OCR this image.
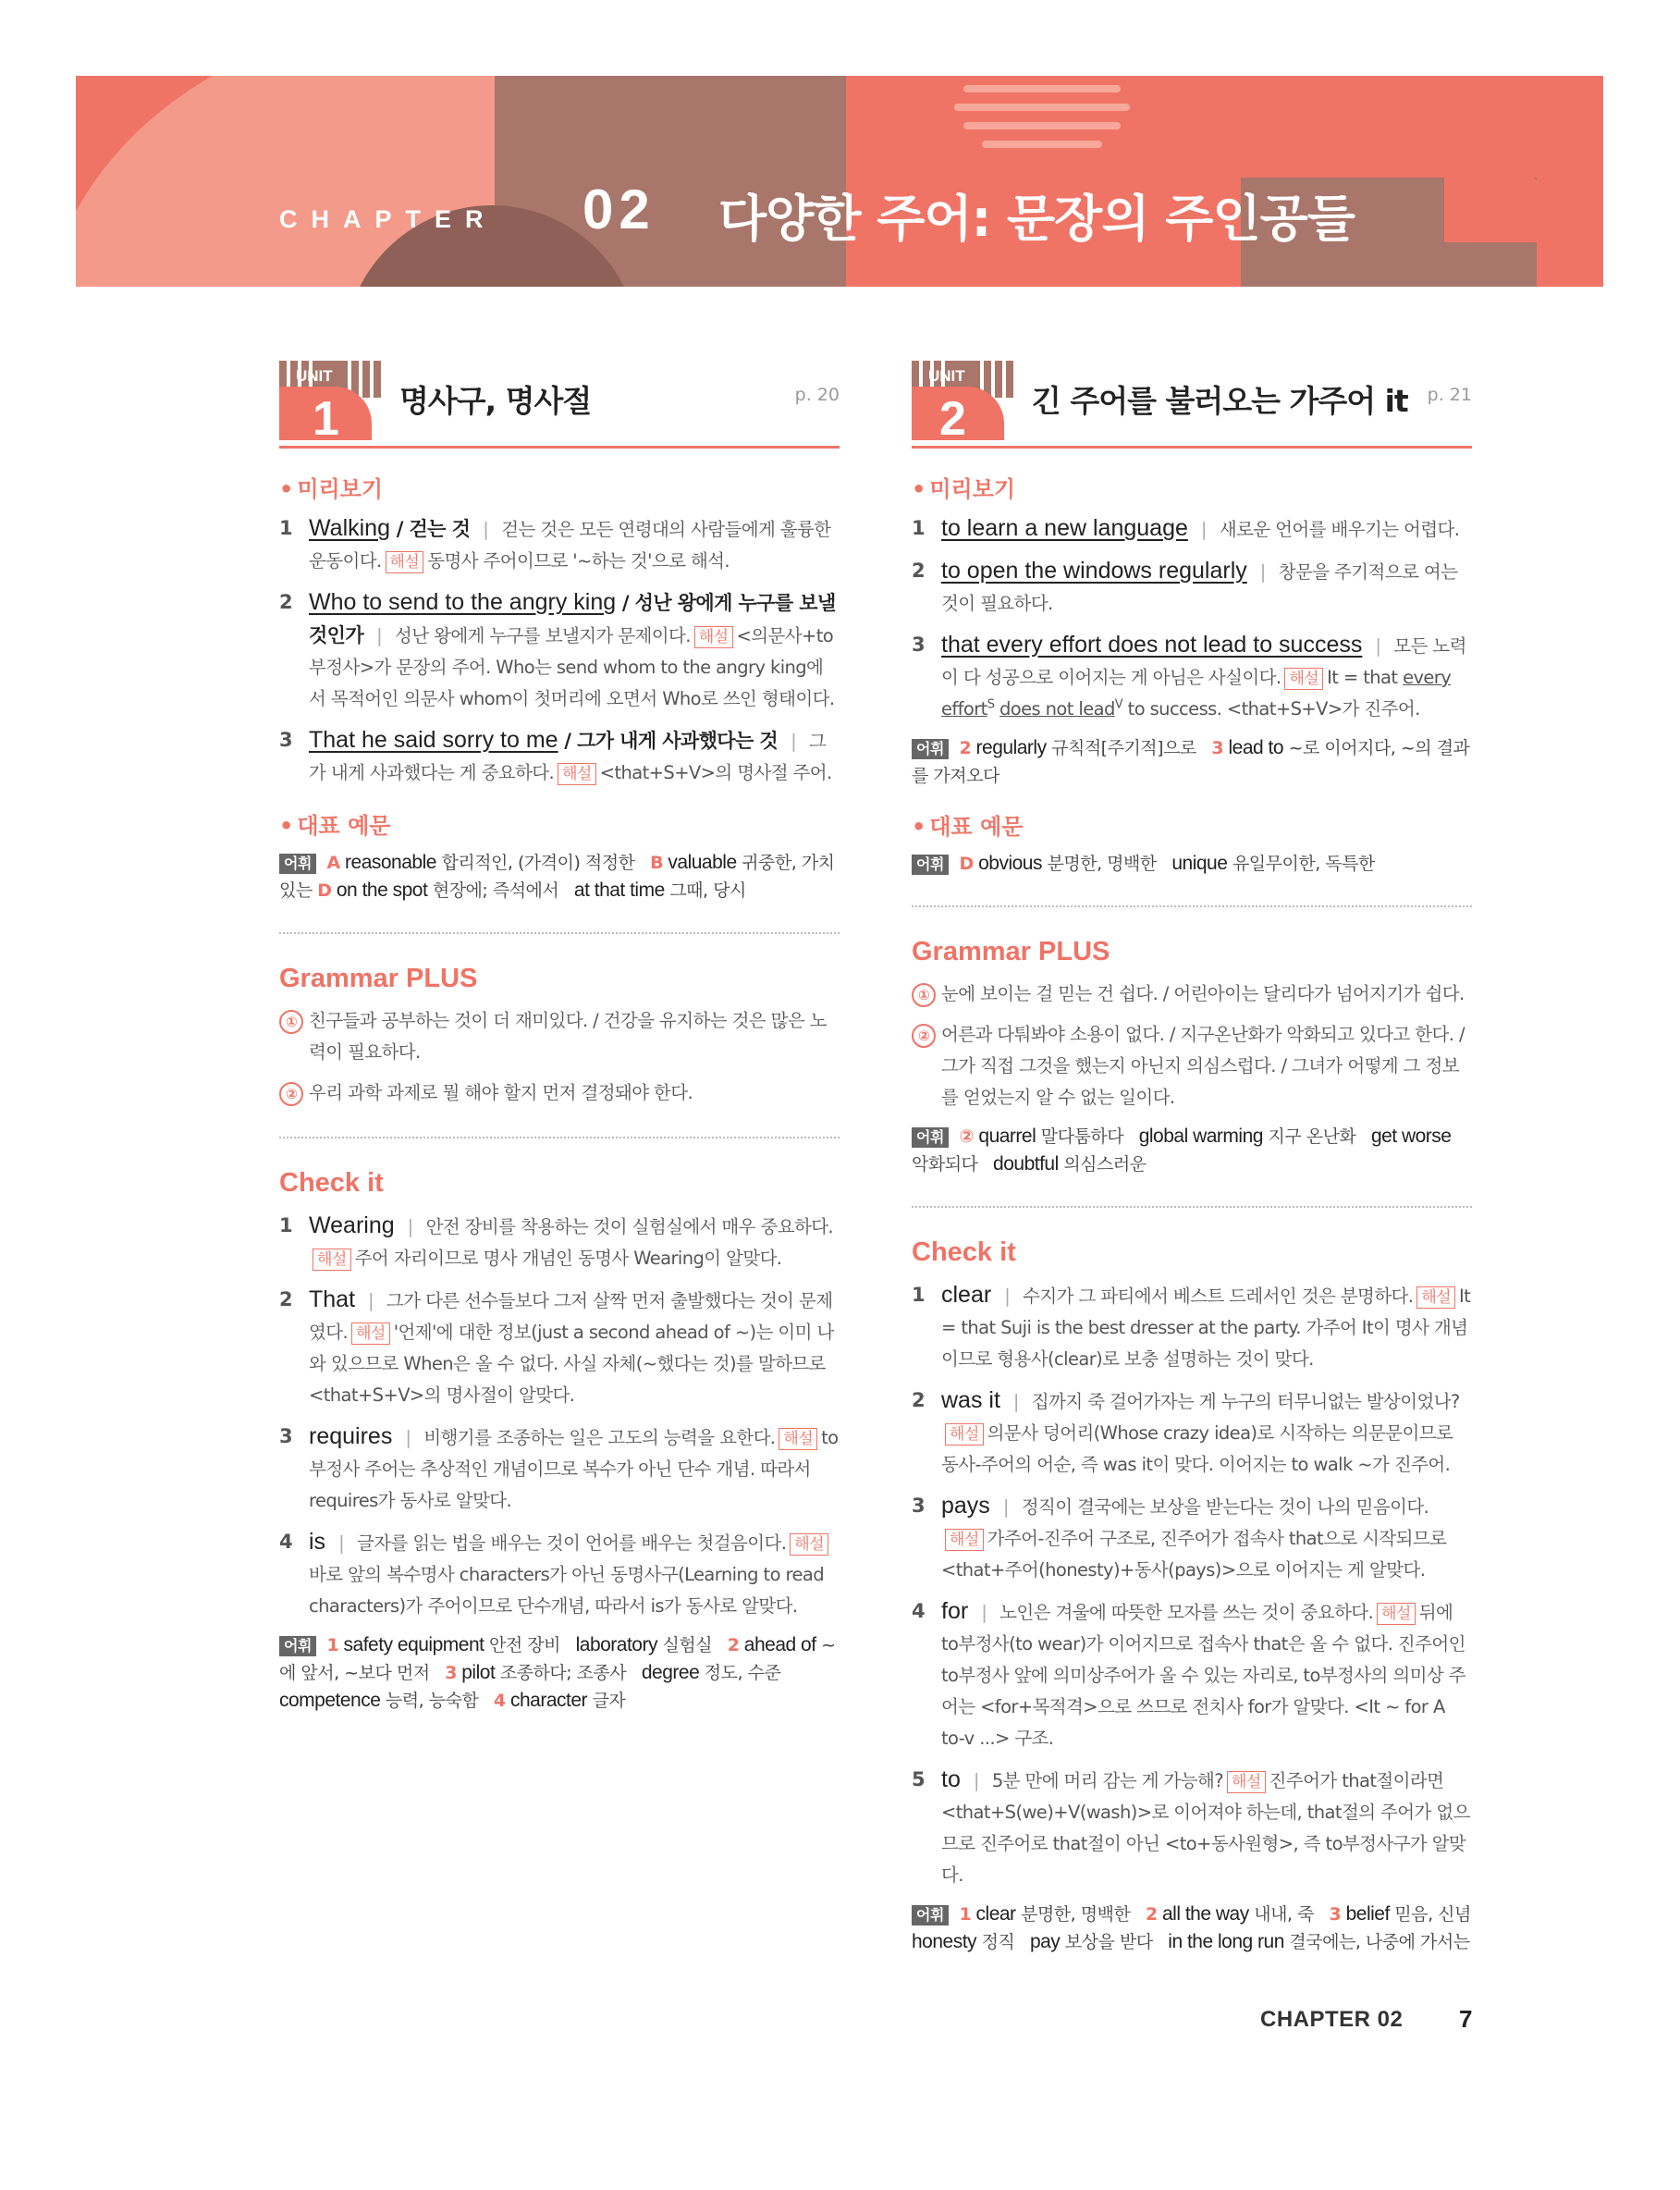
CHAPTER 02 다양한 주어: 문장의 주인공들
UNIT
1 명사구, 명사절	p. 20
• 미리보기
1 Walking / 걷는 것 | 걷는 것은 모든 연령대의 사람들에게 훌륭한 운동이다. 해설 동명사 주어이므로 '~하는 것'으로 해석.
2 Who to send to the angry king / 성난 왕에게 누구를 보낼 것인가 | 성난 왕에게 누구를 보낼지가 문제이다. 해설 <의문사+to부정사>가 문장의 주어. Who는 send whom to the angry king에서 목적어인 의문사 whom이 첫머리에 오면서 Who로 쓰인 형태이다.
3 That he said sorry to me / 그가 내게 사과했다는 것 | 그가 내게 사과했다는 게 중요하다. 해설 <that+S+V>의 명사절 주어.
• 대표 예문
어휘 A reasonable 합리적인, (가격이) 적정한 B valuable 귀중한, 가치 있는 D on the spot 현장에; 즉석에서 at that time 그때, 당시
Grammar PLUS
① 친구들과 공부하는 것이 더 재미있다. / 건강을 유지하는 것은 많은 노력이 필요하다.
② 우리 과학 과제로 뭘 해야 할지 먼저 결정돼야 한다.
Check it
1 Wearing | 안전 장비를 착용하는 것이 실험실에서 매우 중요하다.해설 주어 자리이므로 명사 개념인 동명사 Wearing이 알맞다.
2 That | 그가 다른 선수들보다 그저 살짝 먼저 출발했다는 것이 문제였다. 해설 '언제'에 대한 정보(just a second ahead of ~)는 이미 나와 있으므로 When은 올 수 없다. 사실 자체(~했다는 것)를 말하므로 <that+S+V>의 명사절이 알맞다.
3 requires | 비행기를 조종하는 일은 고도의 능력을 요한다. 해설 to부정사 주어는 추상적인 개념이므로 복수가 아닌 단수 개념. 따라서 requires가 동사로 알맞다.
4 is | 글자를 읽는 법을 배우는 것이 언어를 배우는 첫걸음이다. 해설바로 앞의 복수명사 characters가 아닌 동명사구(Learning to read characters)가 주어이므로 단수개념, 따라서 is가 동사로 알맞다.
어휘 1 safety equipment 안전 장비 laboratory 실험실 2 ahead of ~에 앞서, ~보다 먼저 3 pilot 조종하다; 조종사 degree 정도, 수준 competence 능력, 능숙함 4 character 글자
UNIT
2 긴 주어를 불러오는 가주어 it p. 21
• 미리보기
1 to learn a new language | 새로운 언어를 배우기는 어렵다.
2 to open the windows regularly | 창문을 주기적으로 여는 것이 필요하다.
3 that every effort does not lead to success | 모든 노력이 다 성공으로 이어지는 게 아님은 사실이다. 해설 It = that every effort$^S$ does not lead$^V$ to success. <that+S+V>가 진주어.
어휘 2 regularly 규칙적[주기적]으로 3 lead to ~로 이어지다, ~의 결과를 가져오다
• 대표 예문
어휘 D obvious 분명한, 명백한 unique 유일무이한, 독특한
Grammar PLUS
① 눈에 보이는 걸 믿는 건 쉽다. / 어린아이는 달리다가 넘어지기가 쉽다.
② 어른과 다퉈봐야 소용이 없다. / 지구온난화가 악화되고 있다고 한다. / 그가 직접 그것을 했는지 아닌지 의심스럽다. / 그녀가 어떻게 그 정보를 얻었는지 알 수 없는 일이다.
어휘 ② quarrel 말다툼하다 global warming 지구 온난화 get worse 악화되다 doubtful 의심스러운
Check it
1 clear | 수지가 그 파티에서 베스트 드레서인 것은 분명하다. 해설 It = that Suji is the best dresser at the party. 가주어 It이 명사 개념이므로 형용사(clear)로 보충 설명하는 것이 맞다.
2 was it | 집까지 죽 걸어가자는 게 누구의 터무니없는 발상이었나?해설 의문사 덩어리(Whose crazy idea)로 시작하는 의문문이므로 동사-주어의 어순, 즉 was it이 맞다. 이어지는 to walk ~가 진주어.
3 pays | 정직이 결국에는 보상을 받는다는 것이 나의 믿음이다.해설 가주어-진주어 구조로, 진주어가 접속사 that으로 시작되므로 <that+주어(honesty)+동사(pays)>으로 이어지는 게 알맞다.
4 for | 노인은 겨울에 따뜻한 모자를 쓰는 것이 중요하다. 해설 뒤에 to부정사(to wear)가 이어지므로 접속사 that은 올 수 없다. 진주어인 to부정사 앞에 의미상주어가 올 수 있는 자리로, to부정사의 의미상 주어는 <for+목적격>으로 쓰므로 전치사 for가 알맞다. <It ~ for A to-v ...> 구조.
5 to | 5분 만에 머리 감는 게 가능해? 해설 진주어가 that절이라면 <that+S(we)+V(wash)>로 이어져야 하는데, that절의 주어가 없으므로 진주어로 that절이 아닌 <to+동사원형>, 즉 to부정사구가 알맞다.
어휘 1 clear 분명한, 명백한 2 all the way 내내, 죽 3 belief 믿음, 신념 honesty 정직 pay 보상을 받다 in the long run 결국에는, 나중에 가서는
CHAPTER 02 7
